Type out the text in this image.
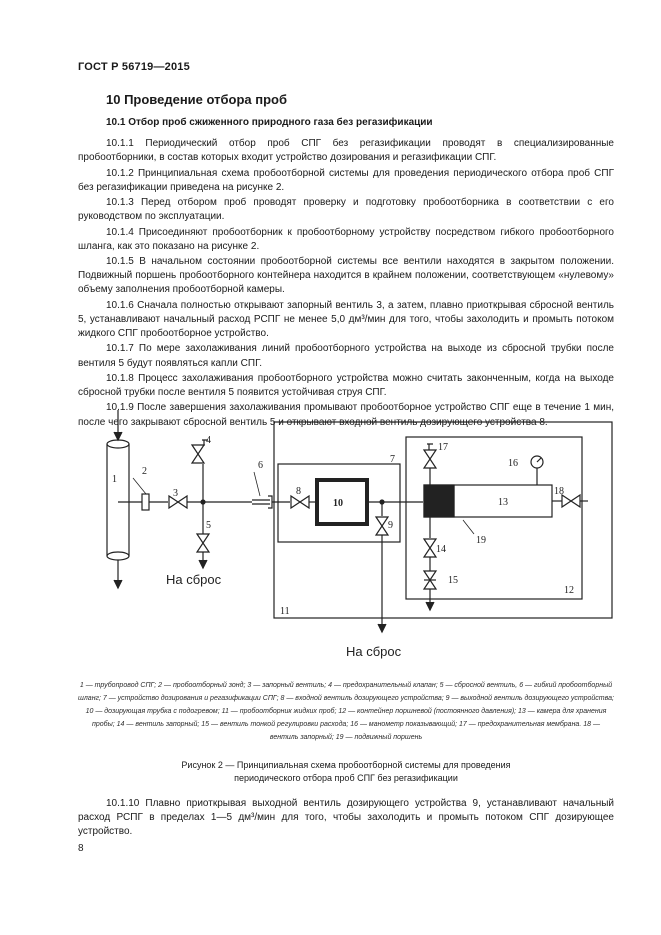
ГОСТ Р 56719—2015
10 Проведение отбора проб
10.1 Отбор проб сжиженного природного газа без регазификации

10.1.1 Периодический отбор проб СПГ без регазификации проводят в специализированные пробоотборники, в состав которых входит устройство дозирования и регазификации СПГ.

10.1.2 Принципиальная схема пробоотборной системы для проведения периодического отбора проб СПГ без регазификации приведена на рисунке 2.

10.1.3 Перед отбором проб проводят проверку и подготовку пробоотборника в соответствии с его руководством по эксплуатации.

10.1.4 Присоединяют пробоотборник к пробоотборному устройству посредством гибкого пробоотборного шланга, как это показано на рисунке 2.

10.1.5 В начальном состоянии пробоотборной системы все вентили находятся в закрытом положении. Подвижный поршень пробоотборного контейнера находится в крайнем положении, соответствующем «нулевому» объему заполнения пробоотборной камеры.

10.1.6 Сначала полностью открывают запорный вентиль 3, а затем, плавно приоткрывая сбросной вентиль 5, устанавливают начальный расход РСПГ не менее 5,0 дм³/мин для того, чтобы захолодить и промыть потоком жидкого СПГ пробоотборное устройство.

10.1.7 По мере захолаживания линий пробоотборного устройства на выходе из сбросной трубки после вентиля 5 будут появляться капли СПГ.

10.1.8 Процесс захолаживания пробоотборного устройства можно считать законченным, когда на выходе сбросной трубки после вентиля 5 появится устойчивая струя СПГ.

10.1.9 После завершения захолаживания промывают пробоотборное устройство СПГ еще в течение 1 мин, после чего закрывают сбросной вентиль 5 и открывают входной вентиль дозирующего устройства 8.

1
2
3
4
5
6
7
8
9
10
11
12
13
14
15
16
17
18
19
На сброс
На сброс
1 — трубопровод СПГ; 2 — пробоотборный зонд; 3 — запорный вентиль; 4 — предохранительный клапан; 5 — сбросной вентиль, 6 — гибкий пробоотборный шланг; 7 — устройство дозирования и регазификации СПГ; 8 — входной вентиль дозирующего устройства; 9 — выходной вентиль дозирующего устройства; 10 — дозирующая трубка с подогревом; 11 — пробоотборник жидких проб; 12 — контейнер поршневой (постоянного давления); 13 — камера для хранения пробы; 14 — вентиль запорный; 15 — вентиль тонкой регулировки расхода; 16 — манометр показывающий; 17 — предохранительная мембрана. 18 — вентиль запорный; 19 — подвижный поршень
Рисунок 2 — Принципиальная схема пробоотборной системы для проведения периодического отбора проб СПГ без регазификации

10.1.10 Плавно приоткрывая выходной вентиль дозирующего устройства 9, устанавливают начальный расход РСПГ в пределах 1—5 дм³/мин для того, чтобы захолодить и промыть потоком СПГ дозирующее устройство.

8
